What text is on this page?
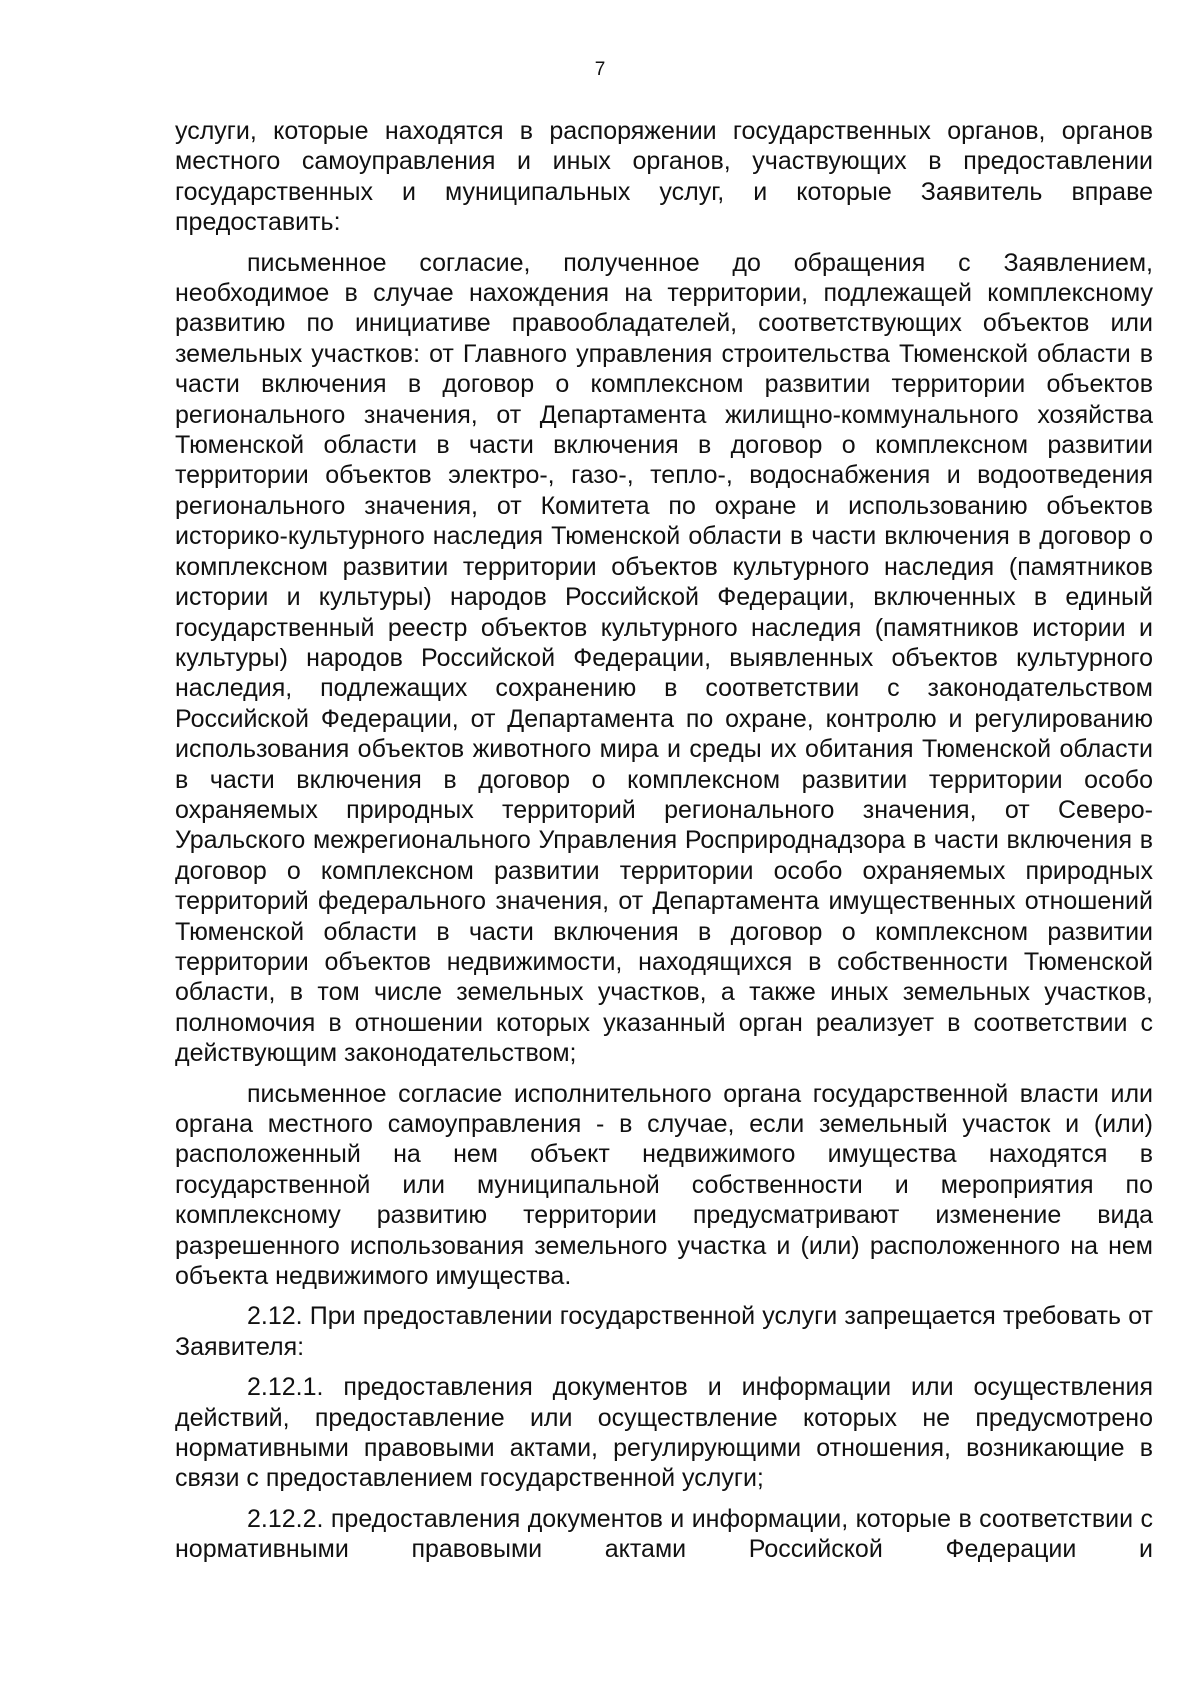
7

услуги, которые находятся в распоряжении государственных органов, органов местного самоуправления и иных органов, участвующих в предоставлении государственных и муниципальных услуг, и которые Заявитель вправе предоставить:

письменное согласие, полученное до обращения с Заявлением, необходимое в случае нахождения на территории, подлежащей комплексному развитию по инициативе правообладателей, соответствующих объектов или земельных участков: от Главного управления строительства Тюменской области в части включения в договор о комплексном развитии территории объектов регионального значения, от Департамента жилищно-коммунального хозяйства Тюменской области в части включения в договор о комплексном развитии территории объектов электро-, газо-, тепло-, водоснабжения и водоотведения регионального значения, от Комитета по охране и использованию объектов историко-культурного наследия Тюменской области в части включения в договор о комплексном развитии территории объектов культурного наследия (памятников истории и культуры) народов Российской Федерации, включенных в единый государственный реестр объектов культурного наследия (памятников истории и культуры) народов Российской Федерации, выявленных объектов культурного наследия, подлежащих сохранению в соответствии с законодательством Российской Федерации, от Департамента по охране, контролю и регулированию использования объектов животного мира и среды их обитания Тюменской области в части включения в договор о комплексном развитии территории особо охраняемых природных территорий регионального значения, от Северо-Уральского межрегионального Управления Росприроднадзора в части включения в договор о комплексном развитии территории особо охраняемых природных территорий федерального значения, от Департамента имущественных отношений Тюменской области в части включения в договор о комплексном развитии территории объектов недвижимости, находящихся в собственности Тюменской области, в том числе земельных участков, а также иных земельных участков, полномочия в отношении которых указанный орган реализует в соответствии с действующим законодательством;

письменное согласие исполнительного органа государственной власти или органа местного самоуправления - в случае, если земельный участок и (или) расположенный на нем объект недвижимого имущества находятся в государственной или муниципальной собственности и мероприятия по комплексному развитию территории предусматривают изменение вида разрешенного использования земельного участка и (или) расположенного на нем объекта недвижимого имущества.

2.12. При предоставлении государственной услуги запрещается требовать от Заявителя:

2.12.1. предоставления документов и информации или осуществления действий, предоставление или осуществление которых не предусмотрено нормативными правовыми актами, регулирующими отношения, возникающие в связи с предоставлением государственной услуги;

2.12.2. предоставления документов и информации, которые в соответствии с нормативными правовыми актами Российской Федерации и
